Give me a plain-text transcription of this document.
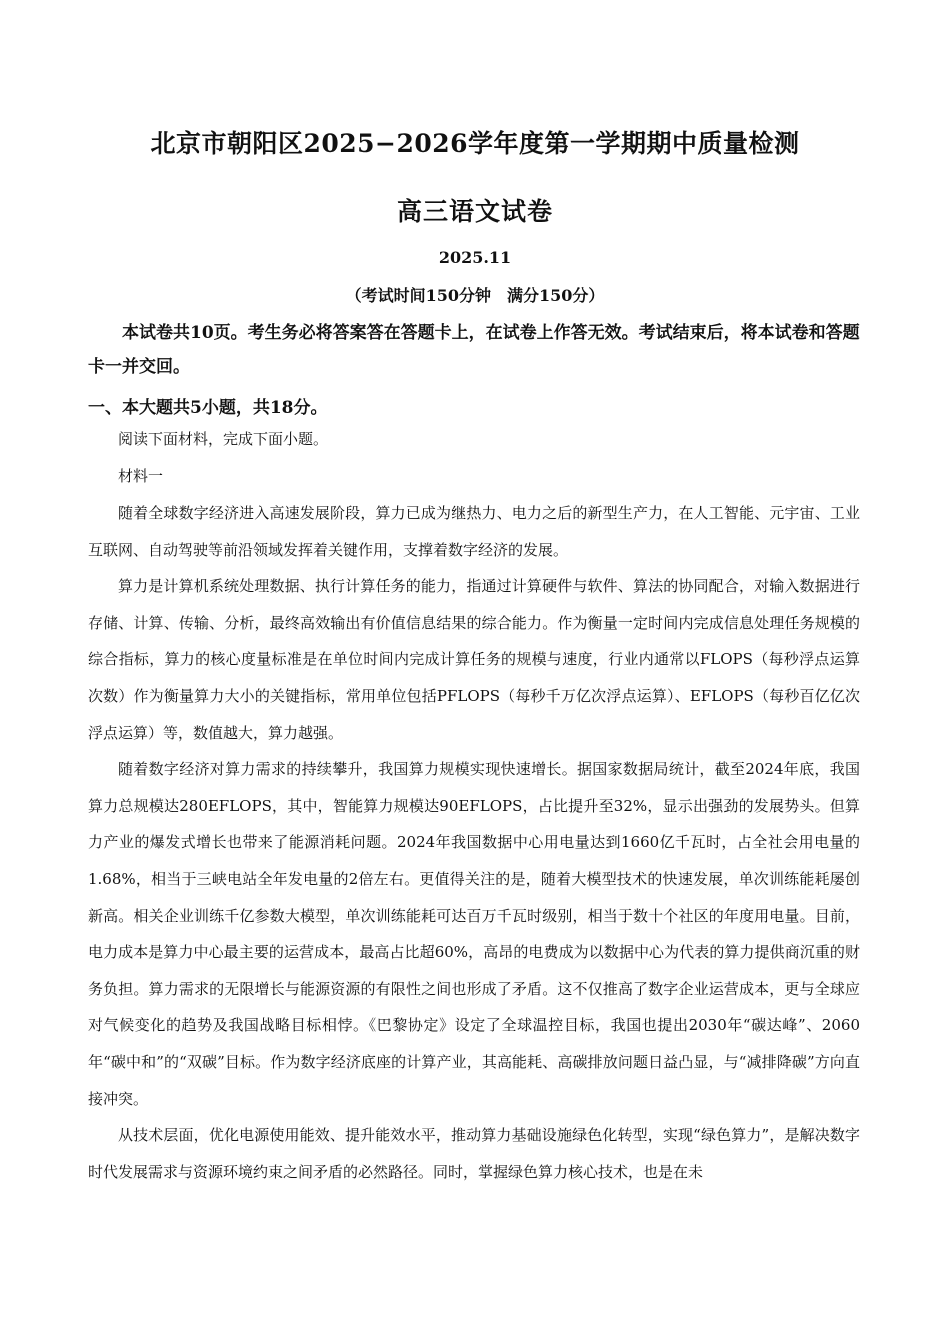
北京市朝阳区2025−2026学年度第一学期期中质量检测
高三语文试卷
2025.11
（考试时间150分钟　满分150分）

本试卷共10页。考生务必将答案答在答题卡上，在试卷上作答无效。考试结束后，将本试卷和答题卡一并交回。

一、本大题共5小题，共18分。
阅读下面材料，完成下面小题。
材料一

随着全球数字经济进入高速发展阶段，算力已成为继热力、电力之后的新型生产力，在人工智能、元宇宙、工业互联网、自动驾驶等前沿领域发挥着关键作用，支撑着数字经济的发展。

算力是计算机系统处理数据、执行计算任务的能力，指通过计算硬件与软件、算法的协同配合，对输入数据进行存储、计算、传输、分析，最终高效输出有价值信息结果的综合能力。作为衡量一定时间内完成信息处理任务规模的综合指标，算力的核心度量标准是在单位时间内完成计算任务的规模与速度，行业内通常以FLOPS（每秒浮点运算次数）作为衡量算力大小的关键指标，常用单位包括PFLOPS（每秒千万亿次浮点运算）、EFLOPS（每秒百亿亿次浮点运算）等，数值越大，算力越强。

随着数字经济对算力需求的持续攀升，我国算力规模实现快速增长。据国家数据局统计，截至2024年底，我国算力总规模达280EFLOPS，其中，智能算力规模达90EFLOPS，占比提升至32%，显示出强劲的发展势头。但算力产业的爆发式增长也带来了能源消耗问题。2024年我国数据中心用电量达到1660亿千瓦时，占全社会用电量的1.68%，相当于三峡电站全年发电量的2倍左右。更值得关注的是，随着大模型技术的快速发展，单次训练能耗屡创新高。相关企业训练千亿参数大模型，单次训练能耗可达百万千瓦时级别，相当于数十个社区的年度用电量。目前，电力成本是算力中心最主要的运营成本，最高占比超60%，高昂的电费成为以数据中心为代表的算力提供商沉重的财务负担。算力需求的无限增长与能源资源的有限性之间也形成了矛盾。这不仅推高了数字企业运营成本，更与全球应对气候变化的趋势及我国战略目标相悖。《巴黎协定》设定了全球温控目标，我国也提出2030年“碳达峰”、2060年“碳中和”的“双碳”目标。作为数字经济底座的计算产业，其高能耗、高碳排放问题日益凸显，与“减排降碳”方向直接冲突。

从技术层面，优化电源使用能效、提升能效水平，推动算力基础设施绿色化转型，实现“绿色算力”，是解决数字时代发展需求与资源环境约束之间矛盾的必然路径。同时，掌握绿色算力核心技术，也是在未
